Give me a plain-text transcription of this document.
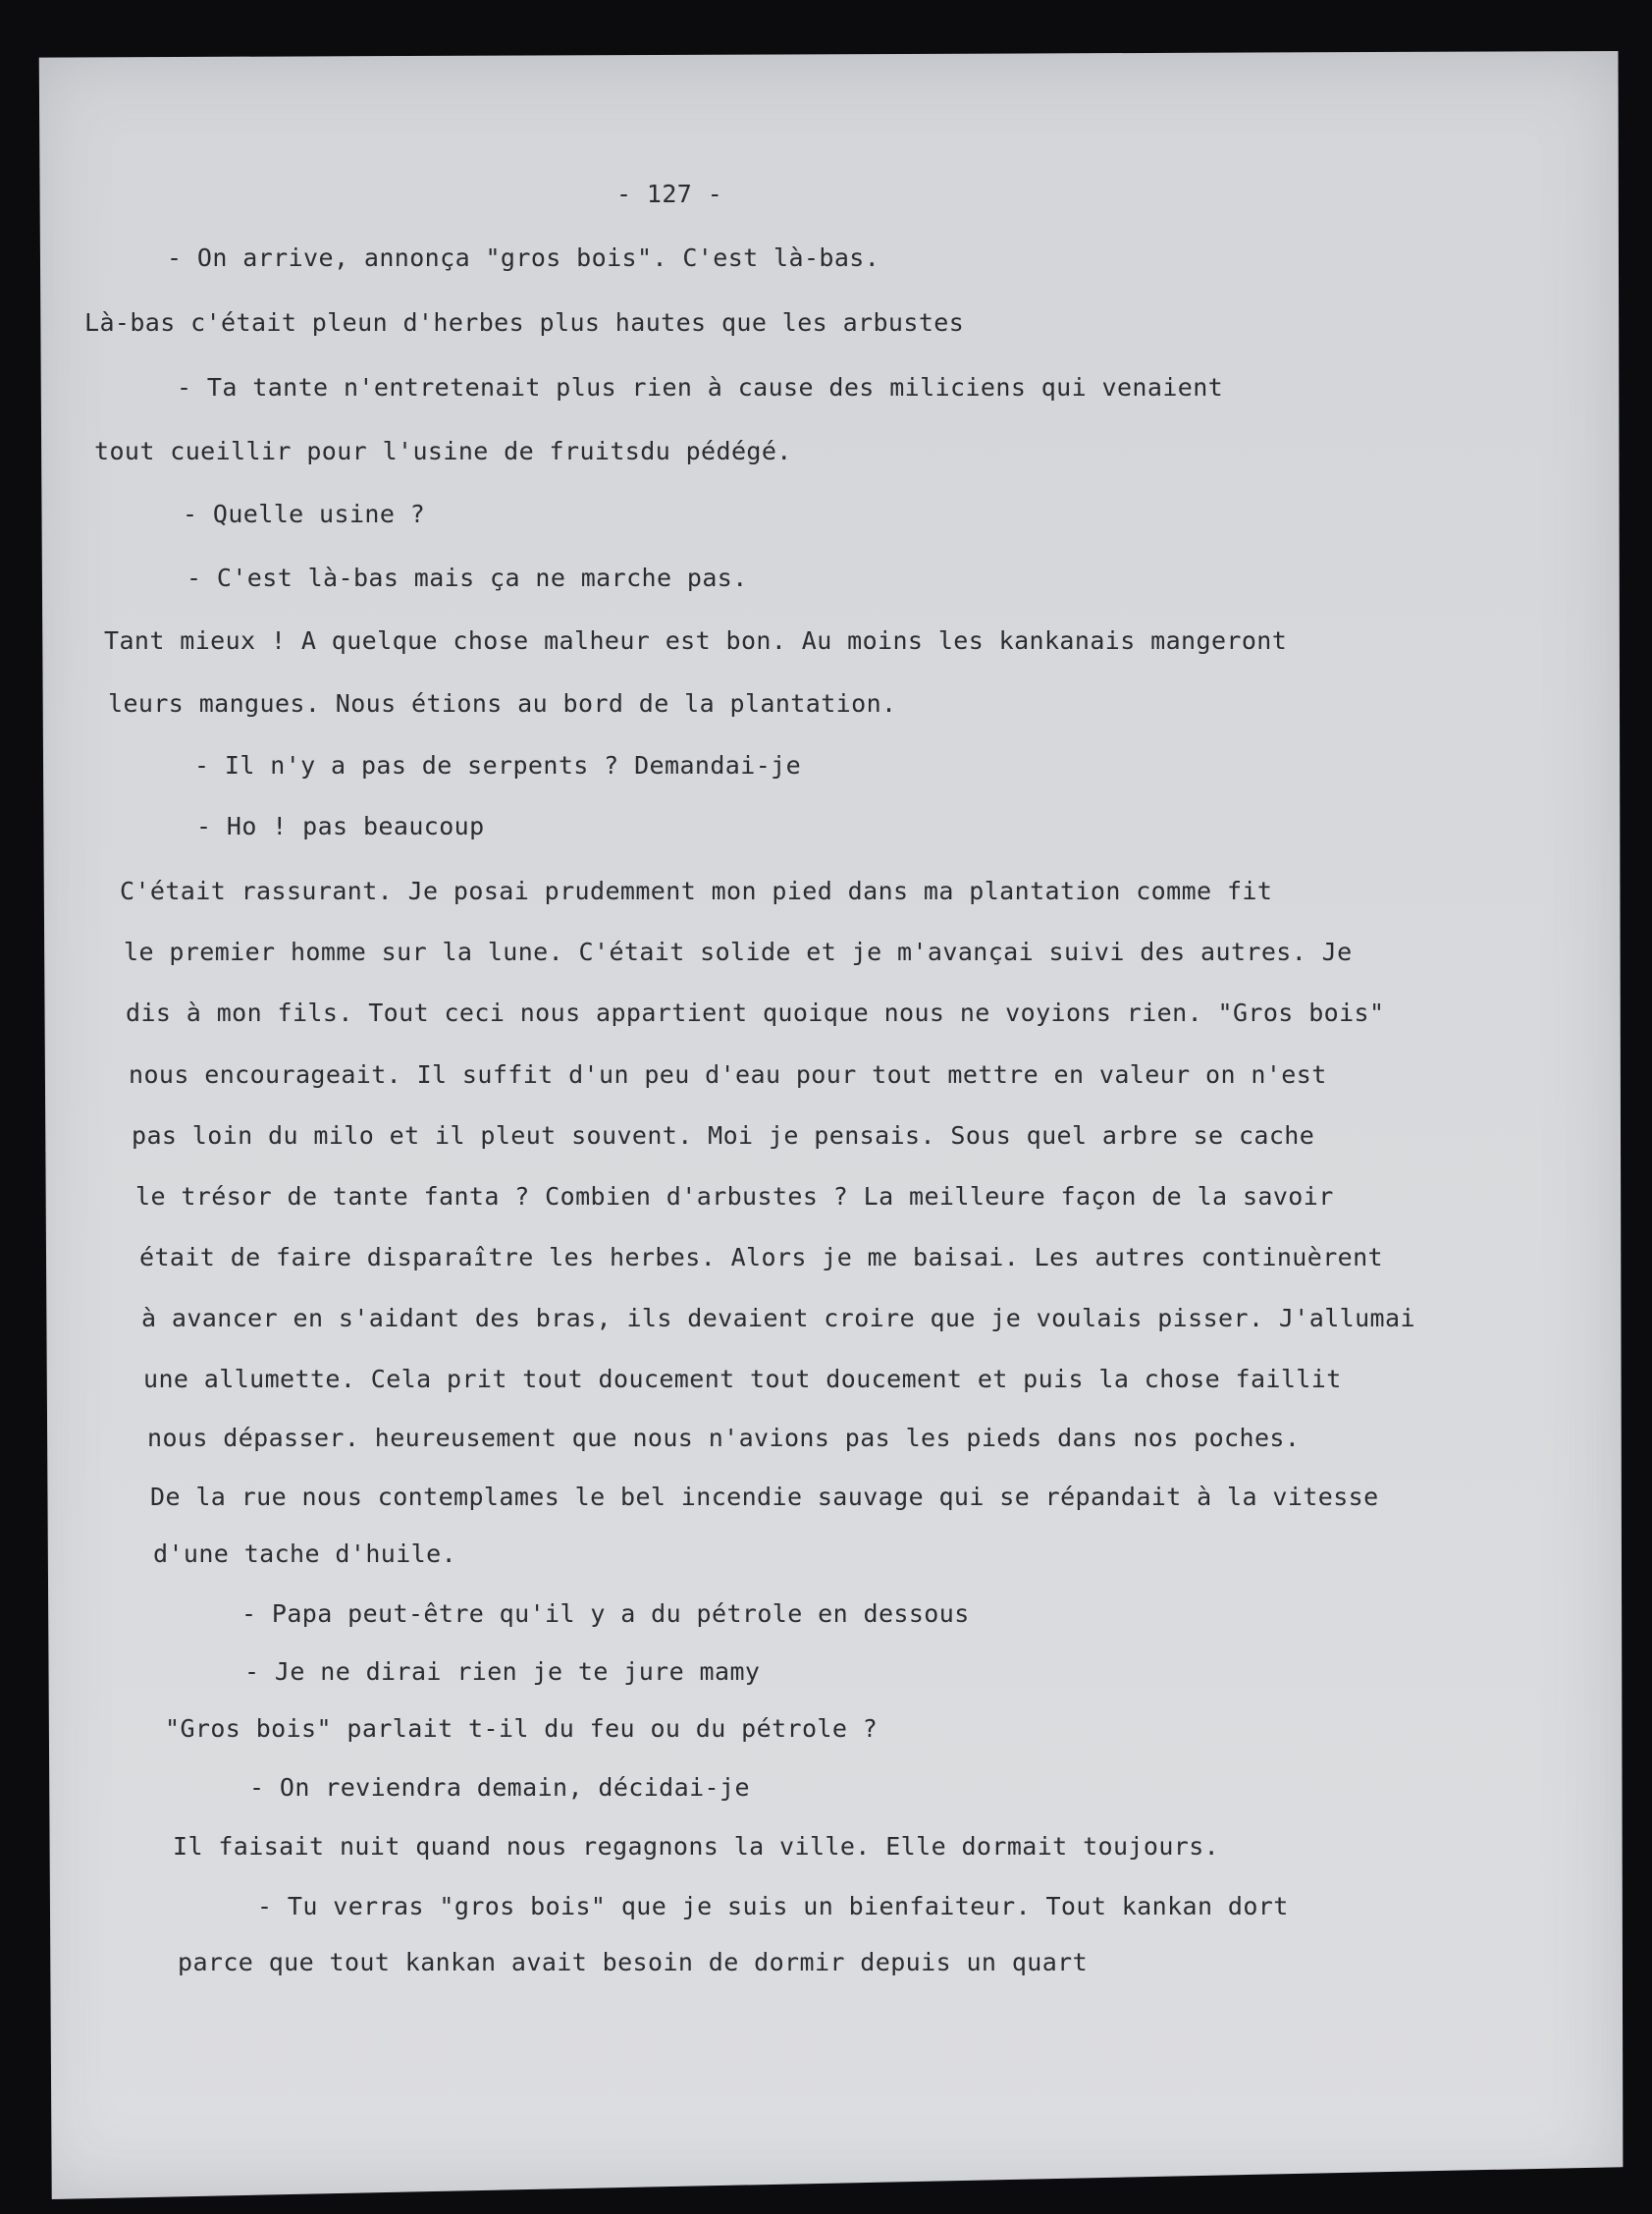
- 127 -

- On arrive, annonça "gros bois". C'est là-bas.

Là-bas c'était pleun d'herbes plus hautes que les arbustes

- Ta tante n'entretenait plus rien à cause des miliciens qui venaient

tout cueillir pour l'usine de fruitsdu pédégé.

- Quelle usine ?

- C'est là-bas mais ça ne marche pas.

Tant mieux ! A quelque chose malheur est bon. Au moins les kankanais mangeront

leurs mangues. Nous étions au bord de la plantation.

- Il n'y a pas de serpents ? Demandai-je

- Ho ! pas beaucoup

C'était rassurant. Je posai prudemment mon pied dans ma plantation comme fit

le premier homme sur la lune. C'était solide et je m'avançai suivi des autres. Je

dis à mon fils. Tout ceci nous appartient quoique nous ne voyions rien. "Gros bois"

nous encourageait. Il suffit d'un peu d'eau pour tout mettre en valeur on n'est

pas loin du milo et il pleut souvent. Moi je pensais. Sous quel arbre se cache

le trésor de tante fanta ? Combien d'arbustes ? La meilleure façon de la savoir

était de faire disparaître les herbes. Alors je me baisai. Les autres continuèrent

à avancer en s'aidant des bras, ils devaient croire que je voulais pisser. J'allumai

une allumette. Cela prit tout doucement tout doucement et puis la chose faillit

nous dépasser. heureusement que nous n'avions pas les pieds dans nos poches.

De la rue nous contemplames le bel incendie sauvage qui se répandait à la vitesse

d'une tache d'huile.

- Papa peut-être qu'il y a du pétrole en dessous

- Je ne dirai rien je te jure mamy

"Gros bois" parlait t-il du feu ou du pétrole ?

- On reviendra demain, décidai-je

Il faisait nuit quand nous regagnons la ville. Elle dormait toujours.

- Tu verras "gros bois" que je suis un bienfaiteur. Tout kankan dort

parce que tout kankan avait besoin de dormir depuis un quart
